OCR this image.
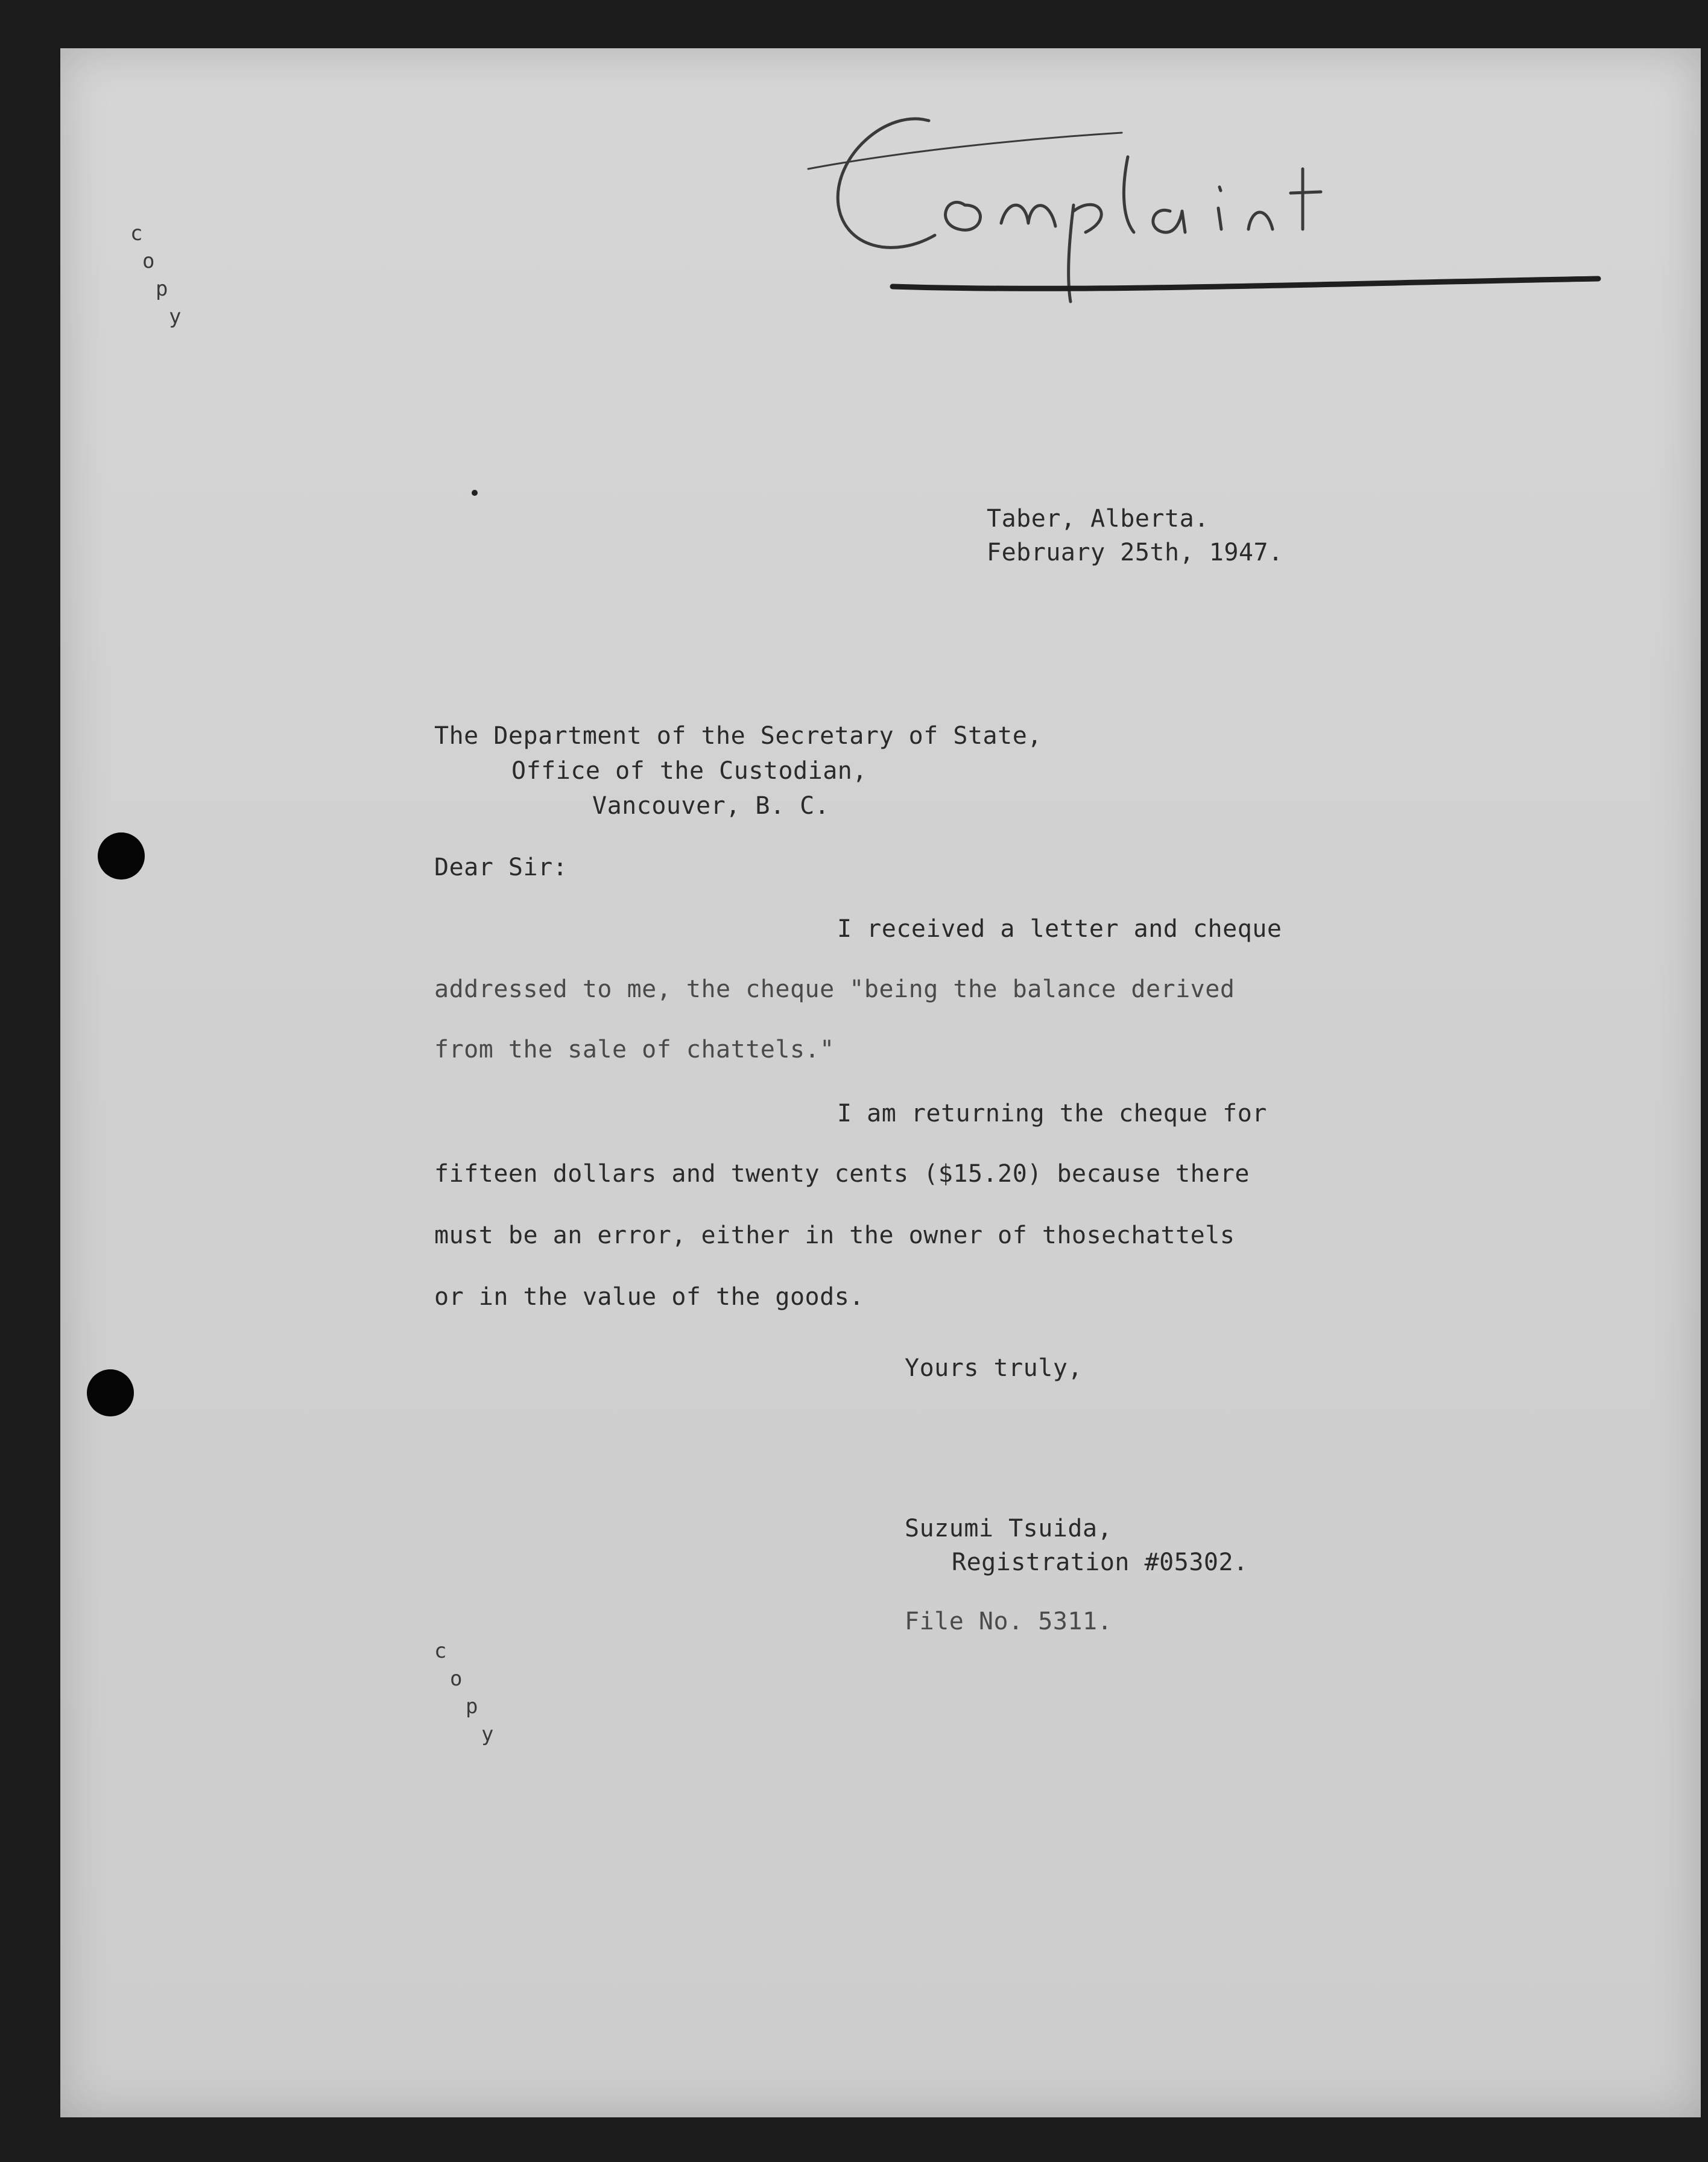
c
o
p
y
Taber, Alberta.
February 25th, 1947.
The Department of the Secretary of State,
Office of the Custodian,
Vancouver, B. C.
Dear Sir:
I received a letter and cheque
addressed to me, the cheque "being the balance derived
from the sale of chattels."
I am returning the cheque for
fifteen dollars and twenty cents ($15.20) because there
must be an error, either in the owner of thosechattels
or in the value of the goods.
Yours truly,
Suzumi Tsuida,
Registration #05302.
File No. 5311.
c
o
p
y
